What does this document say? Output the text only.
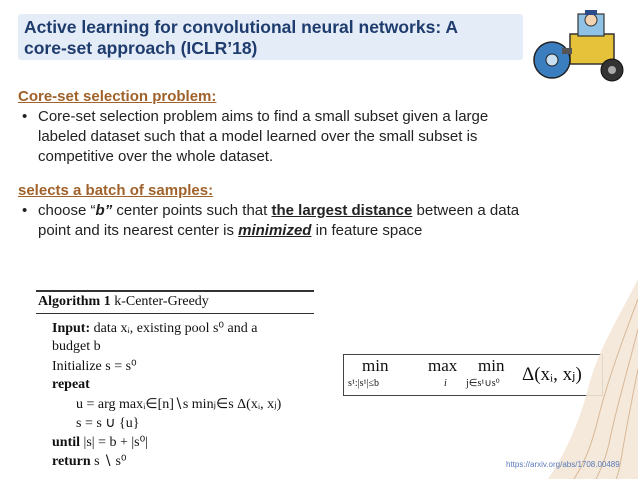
Active learning for convolutional neural networks: A
core-set approach (ICLR’18)
Core-set selection problem:
• Core-set selection problem aims to find a small subset given a large
labeled dataset such that a model learned over the small subset is
competitive over the whole dataset.
selects a batch of samples:
• choose “b” center points such that the largest distance between a data
point and its nearest center is minimized in feature space
Algorithm 1 k-Center-Greedy
Input: data xᵢ, existing pool s⁰ and a
budget b
Initialize s = s⁰
repeat
u = arg maxᵢ∈[n]∖s minⱼ∈s Δ(xᵢ, xⱼ)
s = s ∪ {u}
until |s| = b + |s⁰|
return s ∖ s⁰
min
s¹:|s¹|≤b
max
i
min
j∈s¹∪s⁰ Δ(xᵢ, xⱼ)
https://arxiv.org/abs/1708.00489
